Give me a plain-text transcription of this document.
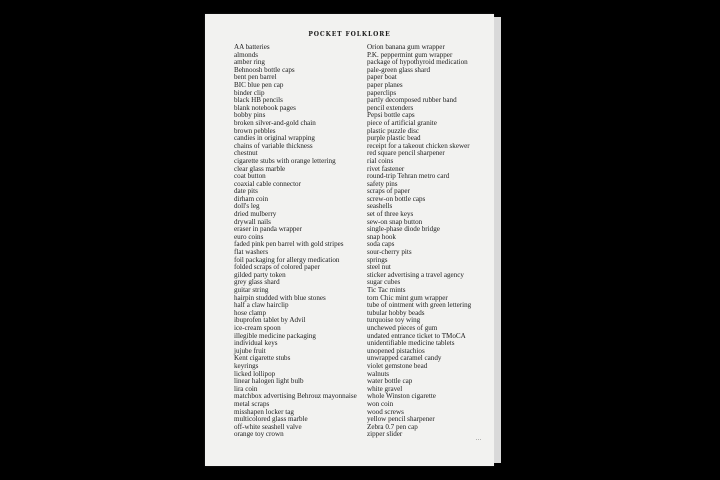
POCKET FOLKLORE
AA batteries
almonds
amber ring
Behnoosh bottle caps
bent pen barrel
BIC blue pen cap
binder clip
black HB pencils
blank notebook pages
bobby pins
broken silver-and-gold chain
brown pebbles
candies in original wrapping
chains of variable thickness
chestnut
cigarette stubs with orange lettering
clear glass marble
coat button
coaxial cable connector
date pits
dirham coin
doll's leg
dried mulberry
drywall nails
eraser in panda wrapper
euro coins
faded pink pen barrel with gold stripes
flat washers
foil packaging for allergy medication
folded scraps of colored paper
gilded party token
grey glass shard
guitar string
hairpin studded with blue stones
half a claw hairclip
hose clamp
ibuprofen tablet by Advil
ice-cream spoon
illegible medicine packaging
individual keys
jujube fruit
Kent cigarette stubs
keyrings
licked lollipop
linear halogen light bulb
lira coin
matchbox advertising Behrouz mayonnaise
metal scraps
misshapen locker tag
multicolored glass marble
off-white seashell valve
orange toy crown
Orion banana gum wrapper
P.K. peppermint gum wrapper
package of hypothyroid medication
pale-green glass shard
paper boat
paper planes
paperclips
partly decomposed rubber band
pencil extenders
Pepsi bottle caps
piece of artificial granite
plastic puzzle disc
purple plastic bead
receipt for a takeout chicken skewer
red square pencil sharpener
rial coins
rivet fastener
round-trip Tehran metro card
safety pins
scraps of paper
screw-on bottle caps
seashells
set of three keys
sew-on snap button
single-phase diode bridge
snap hook
soda caps
sour-cherry pits
springs
steel nut
sticker advertising a travel agency
sugar cubes
Tic Tac mints
torn Chic mint gum wrapper
tube of ointment with green lettering
tubular hobby beads
turquoise toy wing
unchewed pieces of gum
undated entrance ticket to TMoCA
unidentifiable medicine tablets
unopened pistachios
unwrapped caramel candy
violet gemstone bead
walnuts
water bottle cap
white gravel
whole Winston cigarette
won coin
wood screws
yellow pencil sharpener
Zebra 0.7 pen cap
zipper slider
...
